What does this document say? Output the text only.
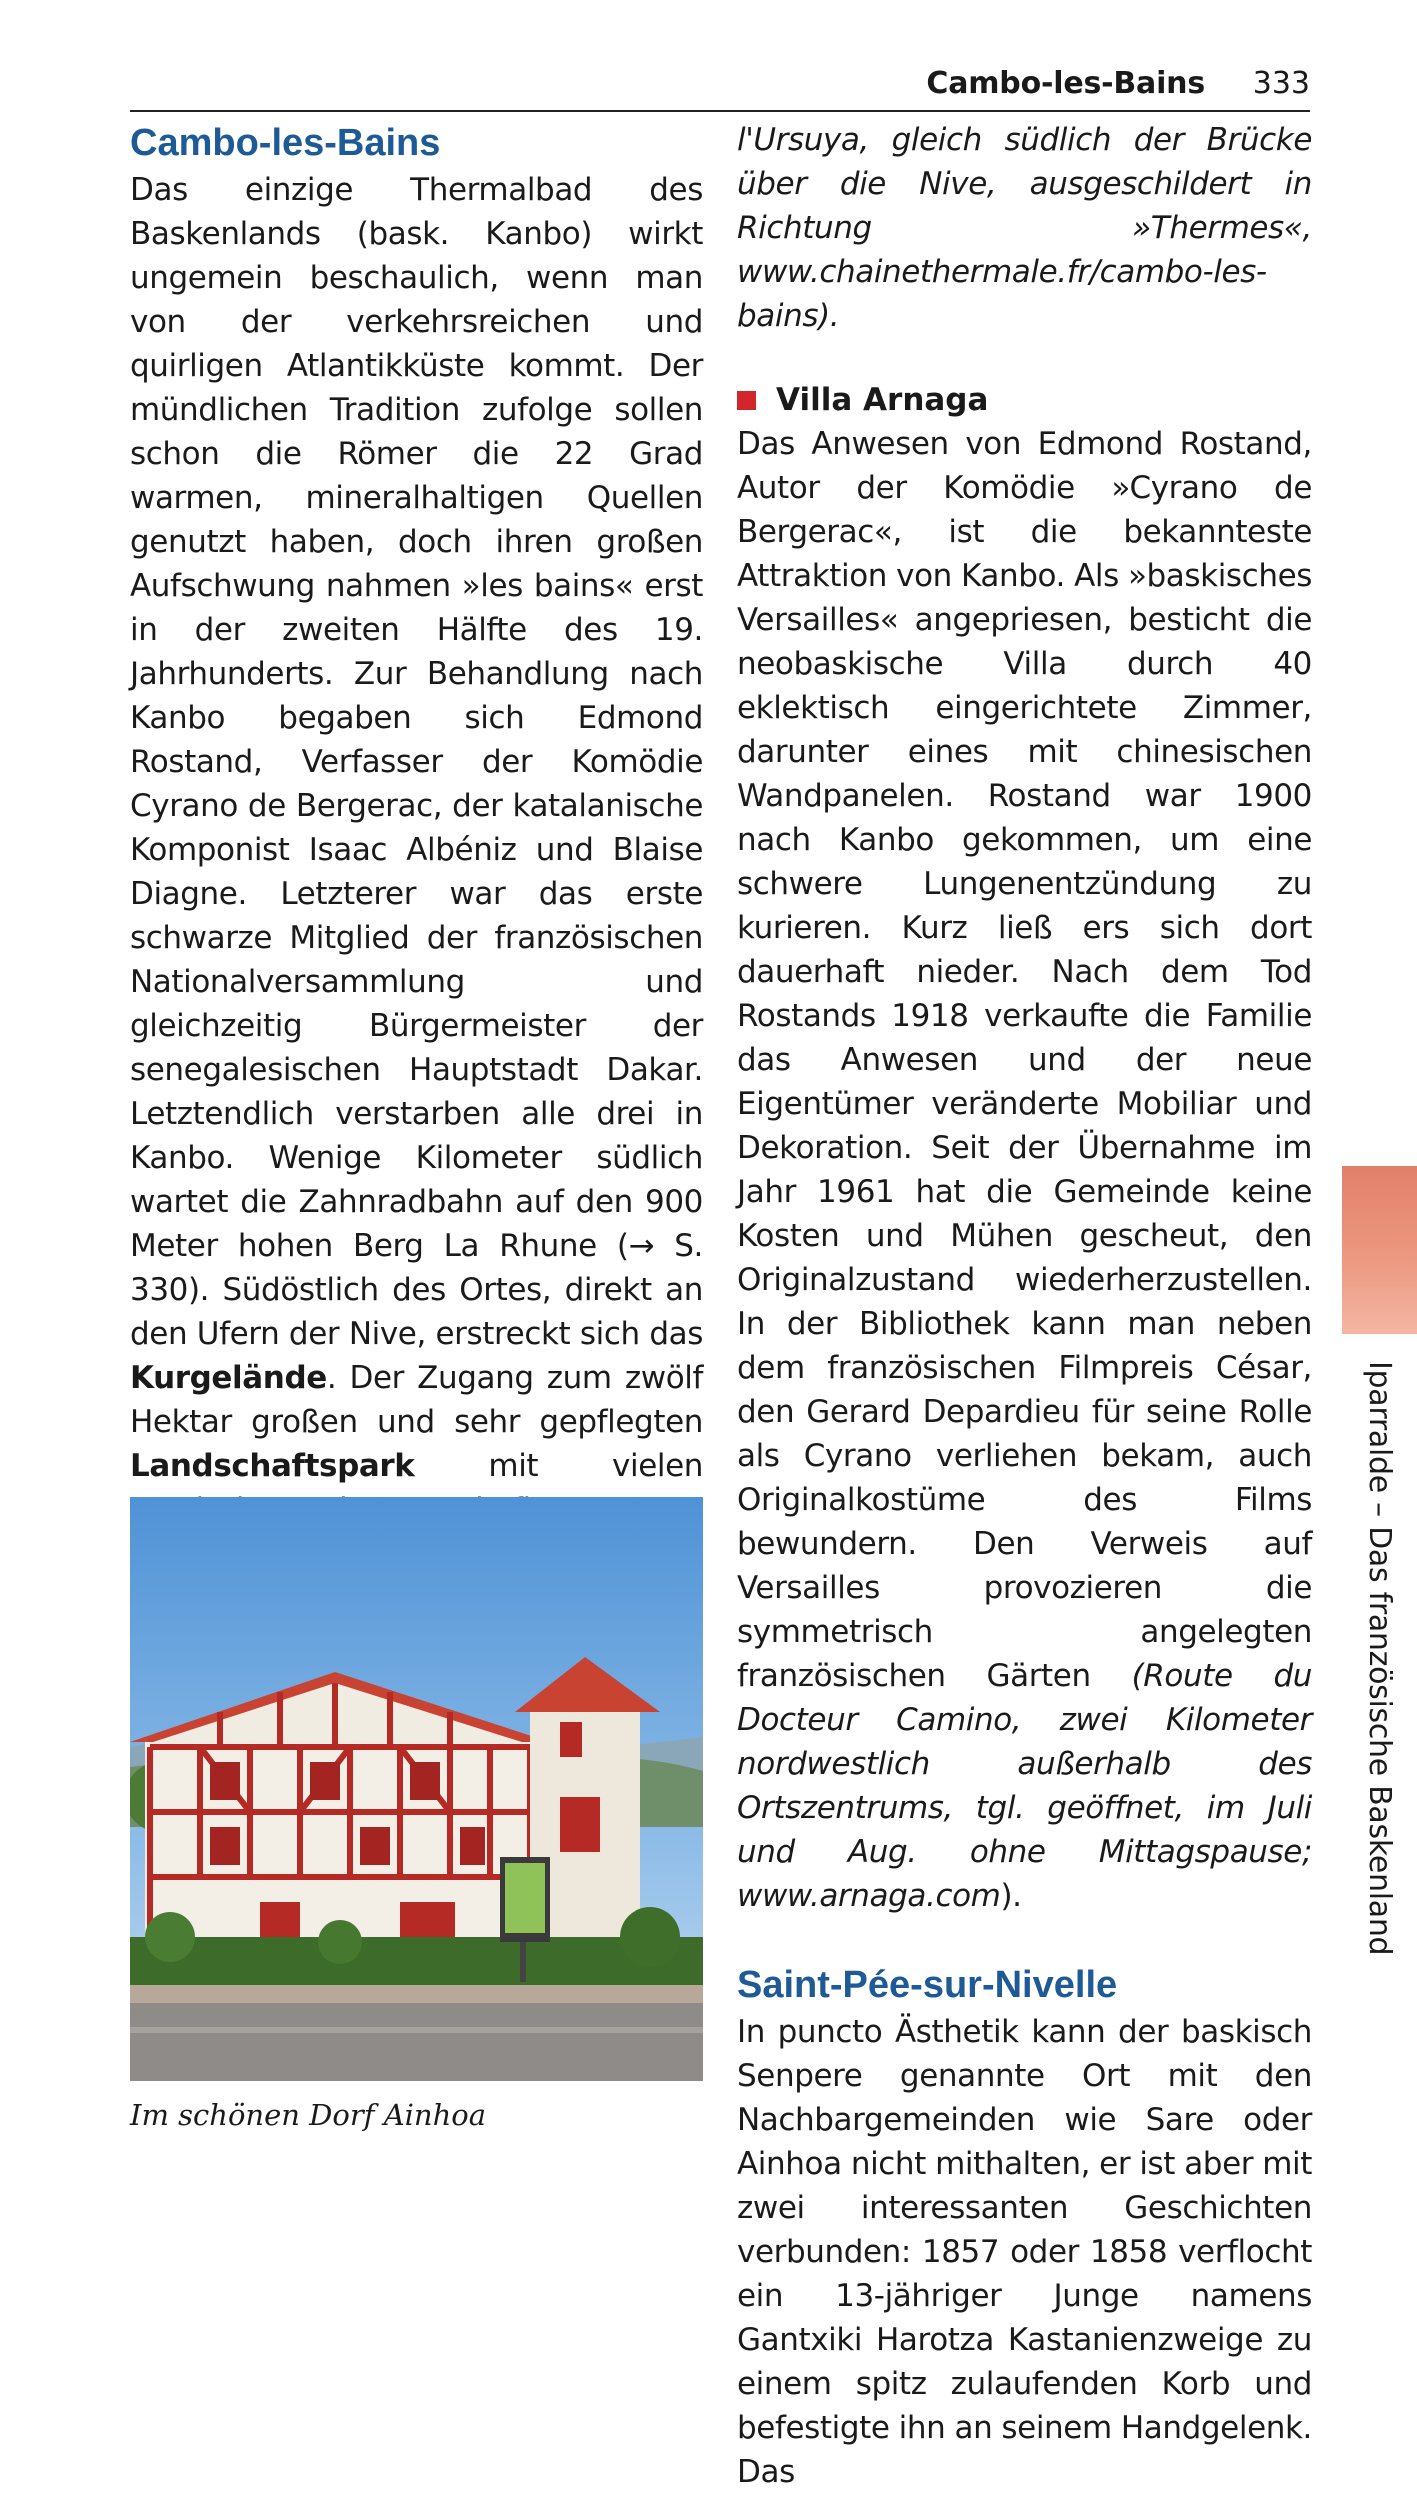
Cambo-les-Bains 333
Cambo-les-Bains

Das einzige Thermalbad des Baskenlands (bask. Kanbo) wirkt ungemein beschaulich, wenn man von der verkehrsreichen und quirligen Atlantikküste kommt. Der mündlichen Tradition zufolge sollen schon die Römer die 22 Grad warmen, mineralhaltigen Quellen genutzt haben, doch ihren großen Aufschwung nahmen »les bains« erst in der zweiten Hälfte des 19. Jahrhunderts. Zur Behandlung nach Kanbo begaben sich Edmond Rostand, Verfasser der Komödie Cyrano de Bergerac, der katalanische Komponist Isaac Albéniz und Blaise Diagne. Letzterer war das erste schwarze Mitglied der französischen Nationalversammlung und gleichzeitig Bürgermeister der senegalesischen Hauptstadt Dakar. Letztendlich verstarben alle drei in Kanbo. Wenige Kilometer südlich wartet die Zahnradbahn auf den 900 Meter hohen Berg La Rhune (→ S. 330). Südöstlich des Ortes, direkt an den Ufern der Nive, erstreckt sich das Kurgelände. Der Zugang zum zwölf Hektar großen und sehr gepflegten Landschaftspark mit vielen

Im schönen Dorf Ainhoa

l'Ursuya, gleich südlich der Brücke über die Nive, ausgeschildert in Richtung »Thermes«, www.chainethermale.fr/cambo-les-bains).

Villa Arnaga

Das Anwesen von Edmond Rostand, Autor der Komödie »Cyrano de Bergerac«, ist die bekannteste Attraktion von Kanbo. Als »baskisches Versailles« angepriesen, besticht die neobaskische Villa durch 40 eklektisch eingerichtete Zimmer, darunter eines mit chinesischen Wandpanelen. Rostand war 1900 nach Kanbo gekommen, um eine schwere Lungenentzündung zu kurieren. Kurz ließ ers sich dort dauerhaft nieder. Nach dem Tod Rostands 1918 verkaufte die Familie das Anwesen und der neue Eigentümer veränderte Mobiliar und Dekoration. Seit der Übernahme im Jahr 1961 hat die Gemeinde keine Kosten und Mühen gescheut, den Originalzustand wiederherzustellen. In der Bibliothek kann man neben dem französischen Filmpreis César, den Gerard Depardieu für seine Rolle als Cyrano verliehen bekam, auch Originalkostüme des Films bewundern. Den Verweis auf Versailles provozieren die symmetrisch angelegten französischen Gärten (Route du Docteur Camino, zwei Kilometer nordwestlich außerhalb des Ortszentrums, tgl. geöffnet, im Juli und Aug. ohne Mittagspause; www.arnaga.com).

Saint-Pée-sur-Nivelle

In puncto Ästhetik kann der baskisch Senpere genannte Ort mit den Nachbargemeinden wie Sare oder Ainhoa nicht mithalten, er ist aber mit zwei interessanten Geschichten verbunden: 1857 oder 1858 verflocht ein 13-jähriger Junge namens Gantxiki Harotza Kastanienzweige zu einem spitz zulaufenden Korb und befestigte ihn an seinem Handgelenk. Das

Iparralde – Das französische Baskenland
